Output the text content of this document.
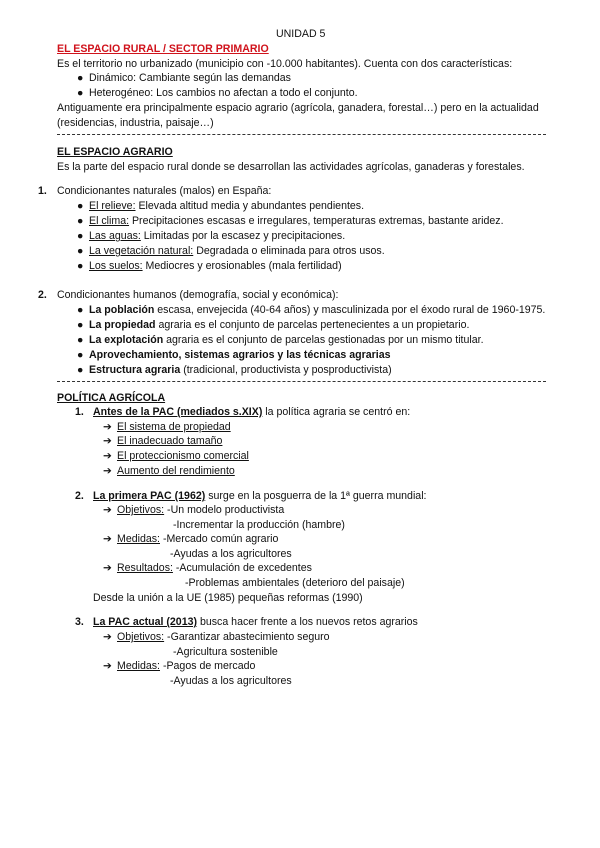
UNIDAD 5
EL ESPACIO RURAL / SECTOR PRIMARIO
Es el territorio no urbanizado (municipio con -10.000 habitantes). Cuenta con dos características:
● Dinámico: Cambiante según las demandas
● Heterogéneo: Los cambios no afectan a todo el conjunto.
Antiguamente era principalmente espacio agrario (agrícola, ganadera, forestal…) pero en la actualidad
(residencias, industria, paisaje…)
EL ESPACIO AGRARIO
Es la parte del espacio rural donde se desarrollan las actividades agrícolas, ganaderas y forestales.
1. Condicionantes naturales (malos) en España:
● El relieve: Elevada altitud media y abundantes pendientes.
● El clima: Precipitaciones escasas e irregulares, temperaturas extremas, bastante aridez.
● Las aguas: Limitadas por la escasez y precipitaciones.
● La vegetación natural: Degradada o eliminada para otros usos.
● Los suelos: Mediocres y erosionables (mala fertilidad)
2. Condicionantes humanos (demografía, social y económica):
● La población escasa, envejecida (40-64 años) y masculinizada por el éxodo rural de 1960-1975.
● La propiedad agraria es el conjunto de parcelas pertenecientes a un propietario.
● La explotación agraria es el conjunto de parcelas gestionadas por un mismo titular.
● Aprovechamiento, sistemas agrarios y las técnicas agrarias
● Estructura agraria (tradicional, productivista y posproductivista)
POLÍTICA AGRÍCOLA
1. Antes de la PAC (mediados s.XIX) la política agraria se centró en:
➔ El sistema de propiedad
➔ El inadecuado tamaño
➔ El proteccionismo comercial
➔ Aumento del rendimiento
2. La primera PAC (1962) surge en la posguerra de la 1ª guerra mundial:
➔ Objetivos: -Un modelo productivista
-Incrementar la producción (hambre)
➔ Medidas: -Mercado común agrario
-Ayudas a los agricultores
➔ Resultados: -Acumulación de excedentes
-Problemas ambientales (deterioro del paisaje)
Desde la unión a la UE (1985) pequeñas reformas (1990)
3. La PAC actual (2013) busca hacer frente a los nuevos retos agrarios
➔ Objetivos: -Garantizar abastecimiento seguro
-Agricultura sostenible
➔ Medidas: -Pagos de mercado
-Ayudas a los agricultores
